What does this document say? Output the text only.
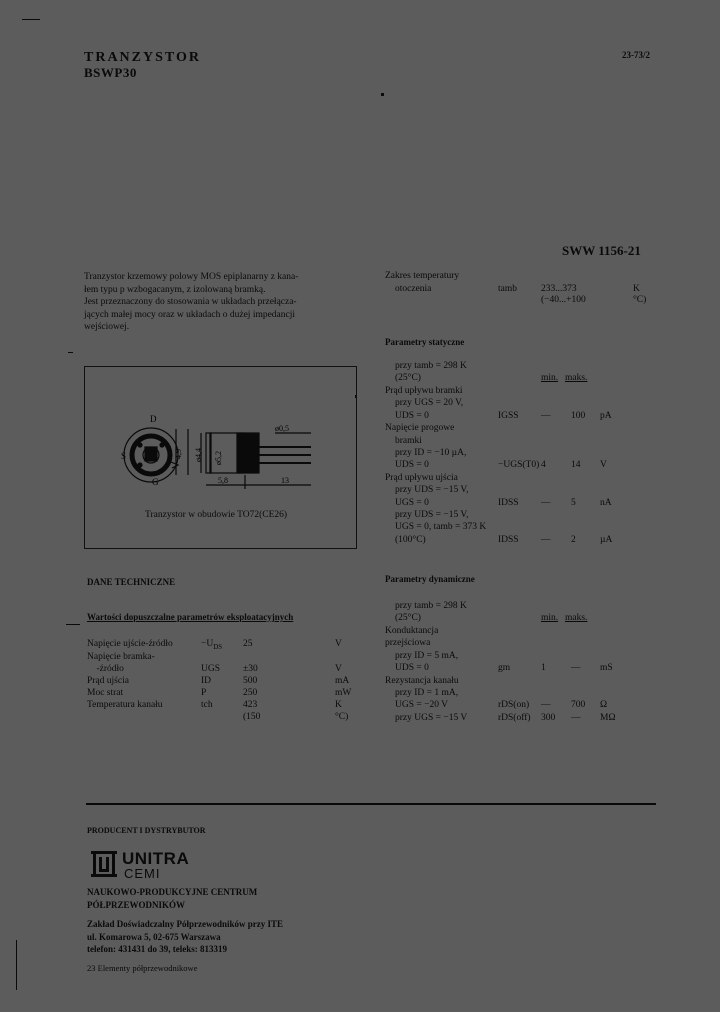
TRANZYSTOR
BSWP30
23-73/2
SWW 1156-21
Tranzystor krzemowy polowy MOS epiplanarny z kana-
łem typu p wzbogacanym, z izolowaną bramką.
Jest przeznaczony do stosowania w układach przełącza-
jących małej mocy oraz w układach o dużej impedancji
wejściowej.
D
S
G
4,9 ø4,4 ø5,2
ø0,5
5,8	13
Tranzystor w obudowie TO72(CE26)
DANE TECHNICZNE
Wartości dopuszczalne parametrów eksploatacyjnych
Napięcie ujście-źródło	$-U_{DS}$ 25	V
Napięcie bramka-
-źródło	UGS ±30	V
Prąd ujścia	ID	500	mA
Moc strat	P	250	mW
Temperatura kanału	tch	423	K
(150	°C)
Zakres temperatury
otoczenia	tamb	233...373	K
(−40...+100	°C)
Parametry statyczne
przy tamb = 298 K
(25°C)	min. maks.
Prąd upływu bramki
przy UGS = 20 V,
UDS = 0	IGSS — 100 pA
Napięcie progowe
bramki
przy ID = −10 µA,
UDS = 0	−UGS(T0) 4	14 V
Prąd upływu ujścia
przy UDS = −15 V,
UGS = 0	IDSS — 5	nA
przy UDS = −15 V,
UGS = 0, tamb = 373 K
(100°C)	IDSS — 2	µA
Parametry dynamiczne
przy tamb = 298 K
(25°C)	min. maks.
Konduktancja
przejściowa
przy ID = 5 mA,
UDS = 0	gm	1	— mS
Rezystancja kanału
przy ID = 1 mA,
UGS = −20 V	rDS(on) — 700 Ω
przy UGS = −15 V	rDS(off) 300 — MΩ
PRODUCENT I DYSTRYBUTOR
UNITRA
CEMI
NAUKOWO-PRODUKCYJNE CENTRUM
PÓŁPRZEWODNIKÓW
Zakład Doświadczalny Półprzewodników przy ITE
ul. Komarowa 5, 02-675 Warszawa
telefon: 431431 do 39, teleks: 813319
23 Elementy półprzewodnikowe
